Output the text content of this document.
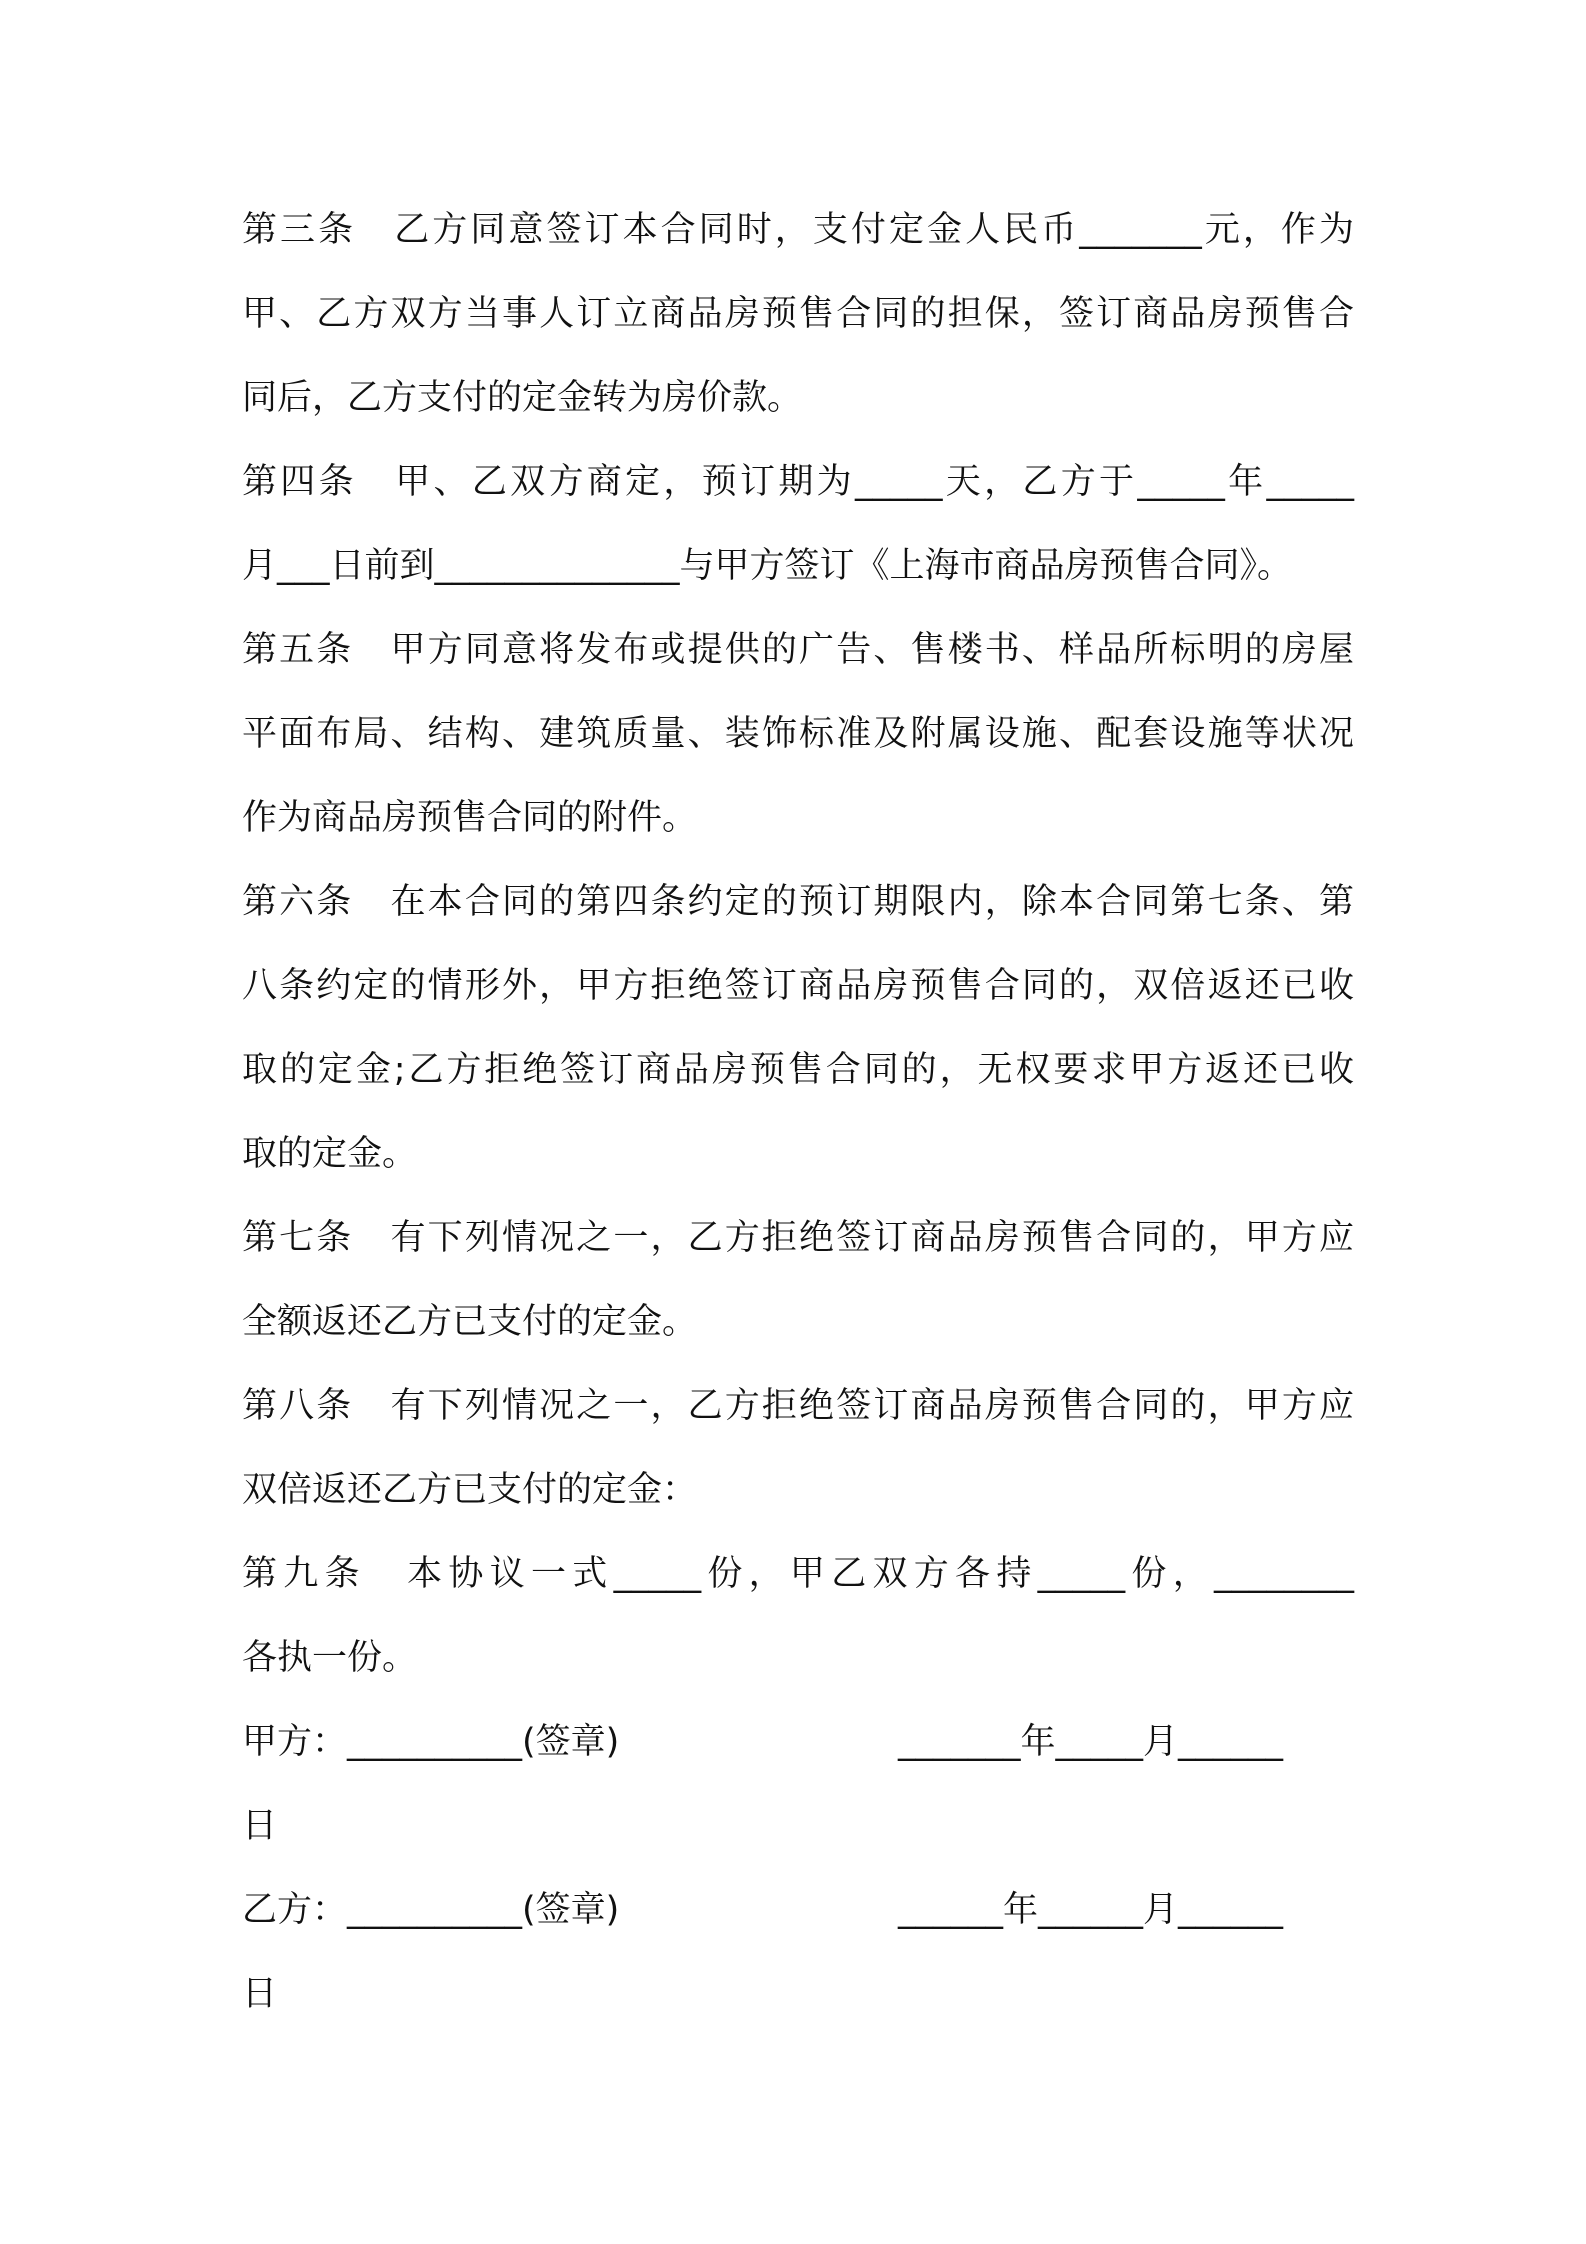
第三条　乙方同意签订本合同时，支付定金人民币_______元，作为
甲、乙方双方当事人订立商品房预售合同的担保，签订商品房预售合
同后，乙方支付的定金转为房价款。
第四条　甲、乙双方商定，预订期为_____天，乙方于_____年_____
月___日前到______________与甲方签订《上海市商品房预售合同》。
第五条　甲方同意将发布或提供的广告、售楼书、样品所标明的房屋
平面布局、结构、建筑质量、装饰标准及附属设施、配套设施等状况
作为商品房预售合同的附件。
第六条　在本合同的第四条约定的预订期限内，除本合同第七条、第
八条约定的情形外，甲方拒绝签订商品房预售合同的，双倍返还已收
取的定金;乙方拒绝签订商品房预售合同的，无权要求甲方返还已收
取的定金。
第七条　有下列情况之一，乙方拒绝签订商品房预售合同的，甲方应
全额返还乙方已支付的定金。
第八条　有下列情况之一，乙方拒绝签订商品房预售合同的，甲方应
双倍返还乙方已支付的定金：
第九条　本协议一式_____份，甲乙双方各持_____份，________
各执一份。
甲方：__________(签章)	_______年_____月______
日
乙方：__________(签章)	______年______月______
日
